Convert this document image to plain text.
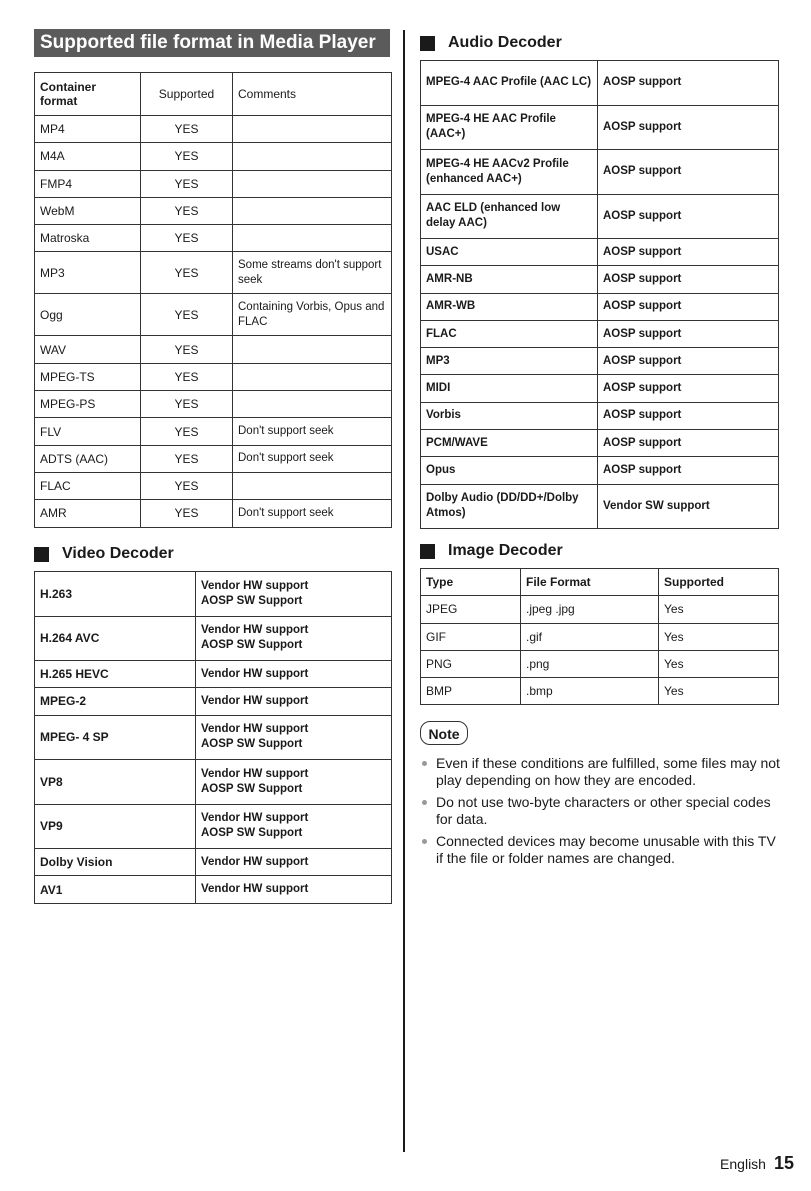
Supported file format in Media Player
Container format	Supported	Comments
MP4	YES	
M4A	YES	
FMP4	YES	
WebM	YES	
Matroska	YES	
MP3	YES	Some streams don't support seek
Ogg	YES	Containing Vorbis, Opus and FLAC
WAV	YES	
MPEG-TS	YES	
MPEG-PS	YES	
FLV	YES	Don't support seek
ADTS (AAC)	YES	Don't support seek
FLAC	YES	
AMR	YES	Don't support seek
Video Decoder
H.263	Vendor HW support
AOSP SW Support

H.264 AVC	Vendor HW support
AOSP SW Support

H.265 HEVC	Vendor HW support

MPEG-2	Vendor HW support

MPEG- 4 SP	Vendor HW support
AOSP SW Support

VP8	Vendor HW support
AOSP SW Support

VP9	Vendor HW support
AOSP SW Support

Dolby Vision	Vendor HW support

AV1	Vendor HW support
Audio Decoder
MPEG-4 AAC Profile (AAC LC)	AOSP support
MPEG-4 HE AAC Profile (AAC+)	AOSP support
MPEG-4 HE AACv2 Profile (enhanced AAC+)	AOSP support
AAC ELD (enhanced low delay AAC)	AOSP support
USAC	AOSP support
AMR-NB	AOSP support
AMR-WB	AOSP support
FLAC	AOSP support
MP3	AOSP support
MIDI	AOSP support
Vorbis	AOSP support
PCM/WAVE	AOSP support
Opus	AOSP support
Dolby Audio (DD/DD+/Dolby Atmos)	Vendor SW support
Image Decoder
Type	File Format	Supported
JPEG	.jpeg .jpg	Yes
GIF	.gif	Yes
PNG	.png	Yes
BMP	.bmp	Yes
Note
Even if these conditions are fulfilled, some files may not play depending on how they are encoded.
Do not use two-byte characters or other special codes for data.
Connected devices may become unusable with this TV if the file or folder names are changed.
English 15
